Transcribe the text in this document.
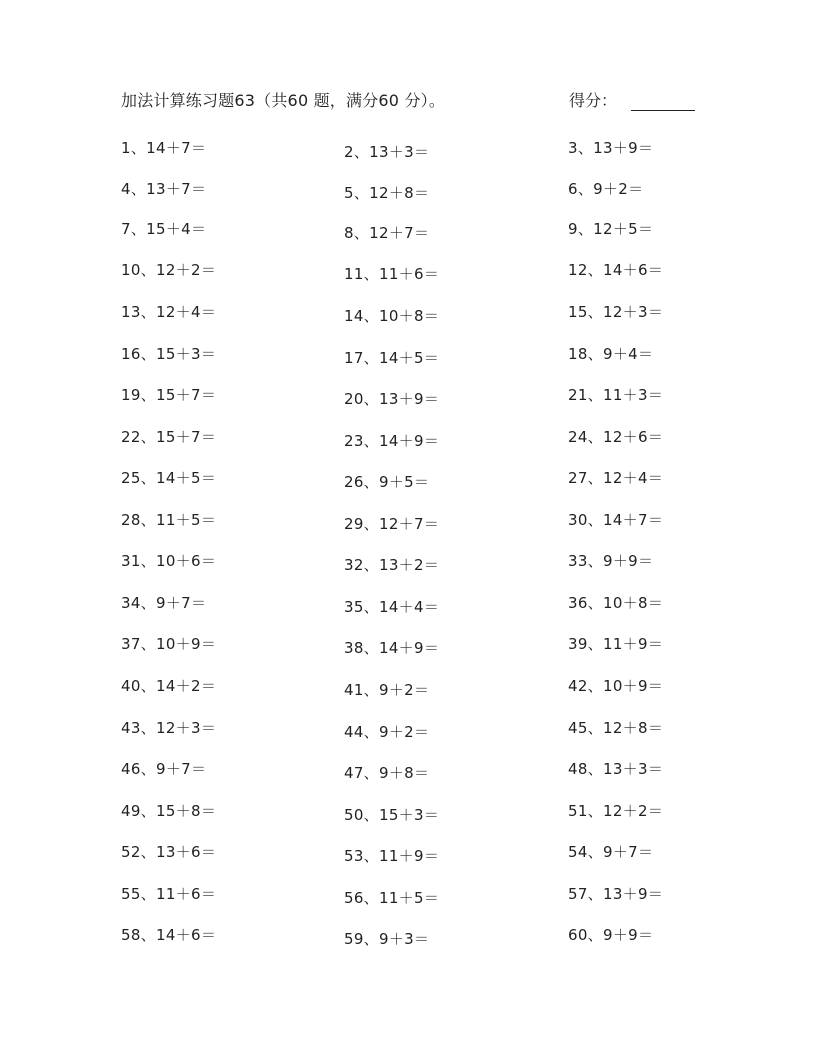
加法计算练习题63（共60 题，满分60 分）。	得分：
1、14＋7＝	2、13＋3＝	3、13＋9＝
4、13＋7＝	5、12＋8＝	6、9＋2＝
7、15＋4＝	8、12＋7＝	9、12＋5＝
10、12＋2＝	11、11＋6＝	12、14＋6＝
13、12＋4＝	14、10＋8＝	15、12＋3＝
16、15＋3＝	17、14＋5＝	18、9＋4＝
19、15＋7＝	20、13＋9＝	21、11＋3＝
22、15＋7＝	23、14＋9＝	24、12＋6＝
25、14＋5＝	26、9＋5＝	27、12＋4＝
28、11＋5＝	29、12＋7＝	30、14＋7＝
31、10＋6＝	32、13＋2＝	33、9＋9＝
34、9＋7＝	35、14＋4＝	36、10＋8＝
37、10＋9＝	38、14＋9＝	39、11＋9＝
40、14＋2＝	41、9＋2＝	42、10＋9＝
43、12＋3＝	44、9＋2＝	45、12＋8＝
46、9＋7＝	47、9＋8＝	48、13＋3＝
49、15＋8＝	50、15＋3＝	51、12＋2＝
52、13＋6＝	53、11＋9＝	54、9＋7＝
55、11＋6＝	56、11＋5＝	57、13＋9＝
58、14＋6＝	59、9＋3＝	60、9＋9＝
